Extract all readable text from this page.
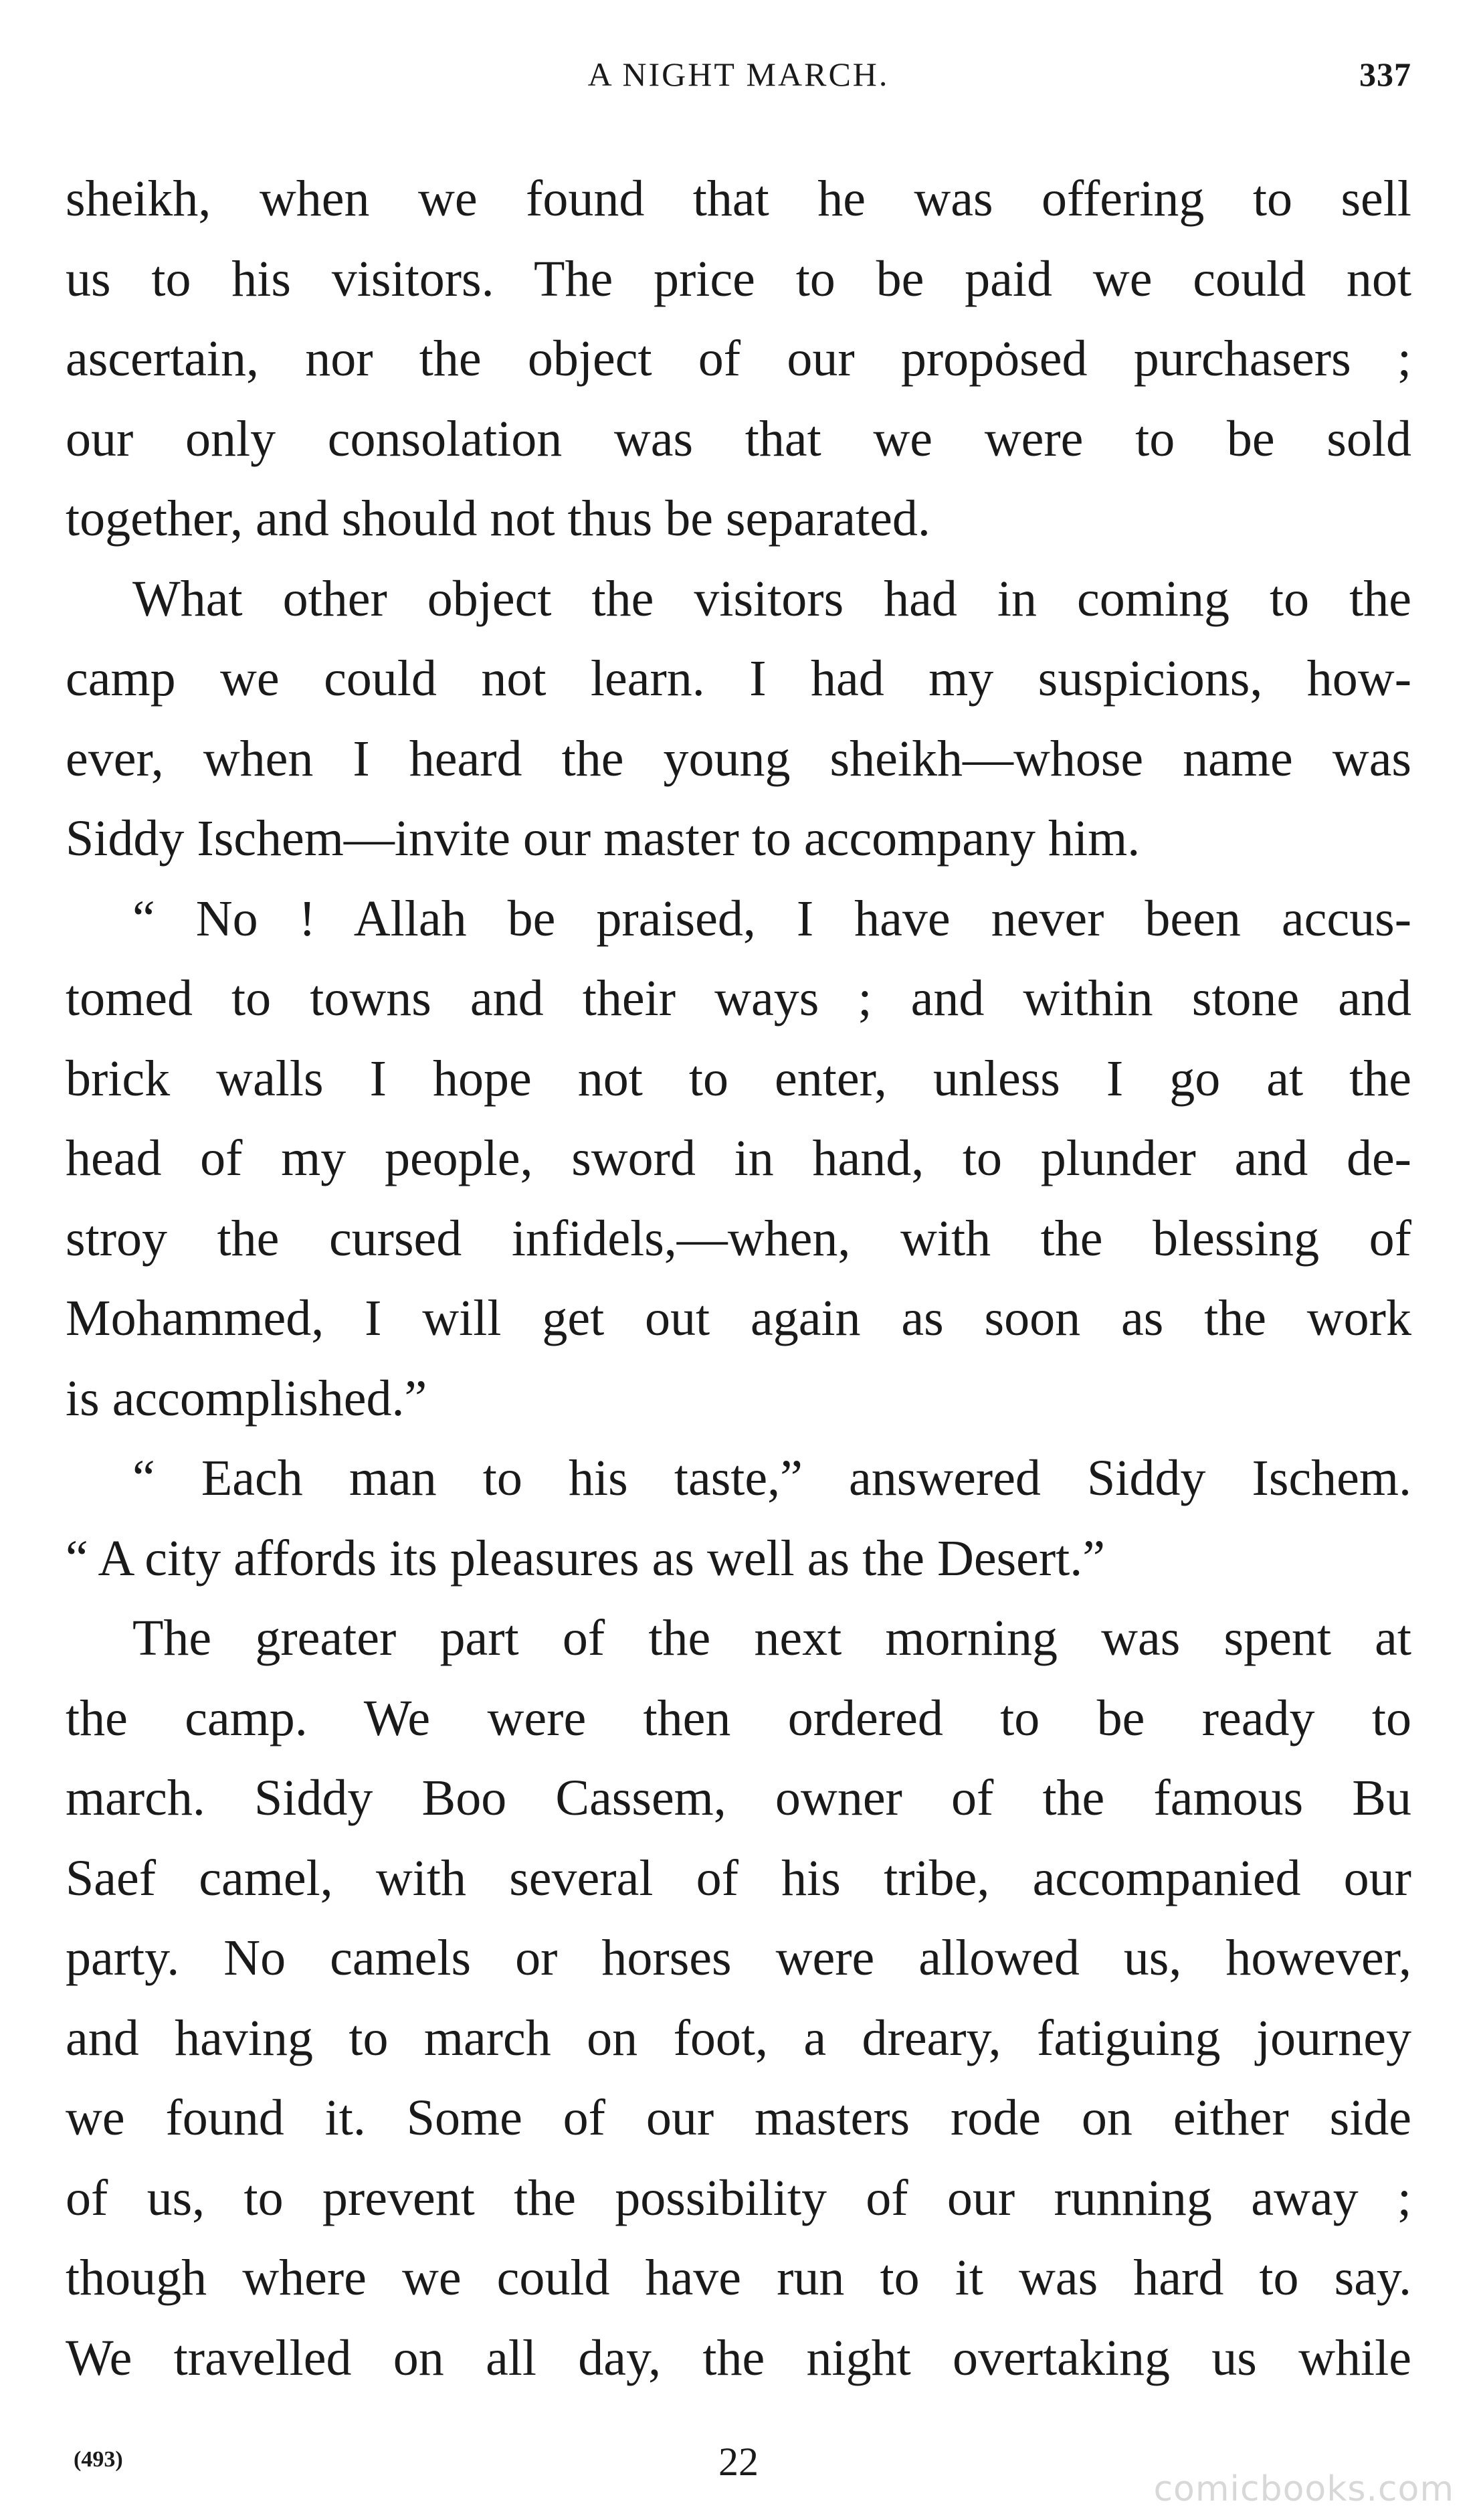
A NIGHT MARCH.	337
sheikh, when we found that he was offering to sell
us to his visitors. The price to be paid we could not
ascertain, nor the object of our propȯsed purchasers ;
our only consolation was that we were to be sold
together, and should not thus be separated.
What other object the visitors had in coming to the
camp we could not learn. I had my suspicions, how-
ever, when I heard the young sheikh—whose name was
Siddy Ischem—invite our master to accompany him.
“ No ! Allah be praised, I have never been accus-
tomed to towns and their ways ; and within stone and
brick walls I hope not to enter, unless I go at the
head of my people, sword in hand, to plunder and de-
stroy the cursed infidels,—when, with the blessing of
Mohammed, I will get out again as soon as the work
is accomplished.”
“ Each man to his taste,” answered Siddy Ischem.
“ A city affords its pleasures as well as the Desert.”
The greater part of the next morning was spent at
the camp. We were then ordered to be ready to
march. Siddy Boo Cassem, owner of the famous Bu
Saef camel, with several of his tribe, accompanied our
party. No camels or horses were allowed us, however,
and having to march on foot, a dreary, fatiguing journey
we found it. Some of our masters rode on either side
of us, to prevent the possibility of our running away ;
though where we could have run to it was hard to say.
We travelled on all day, the night overtaking us while
(493)	22
comicbooks.com
